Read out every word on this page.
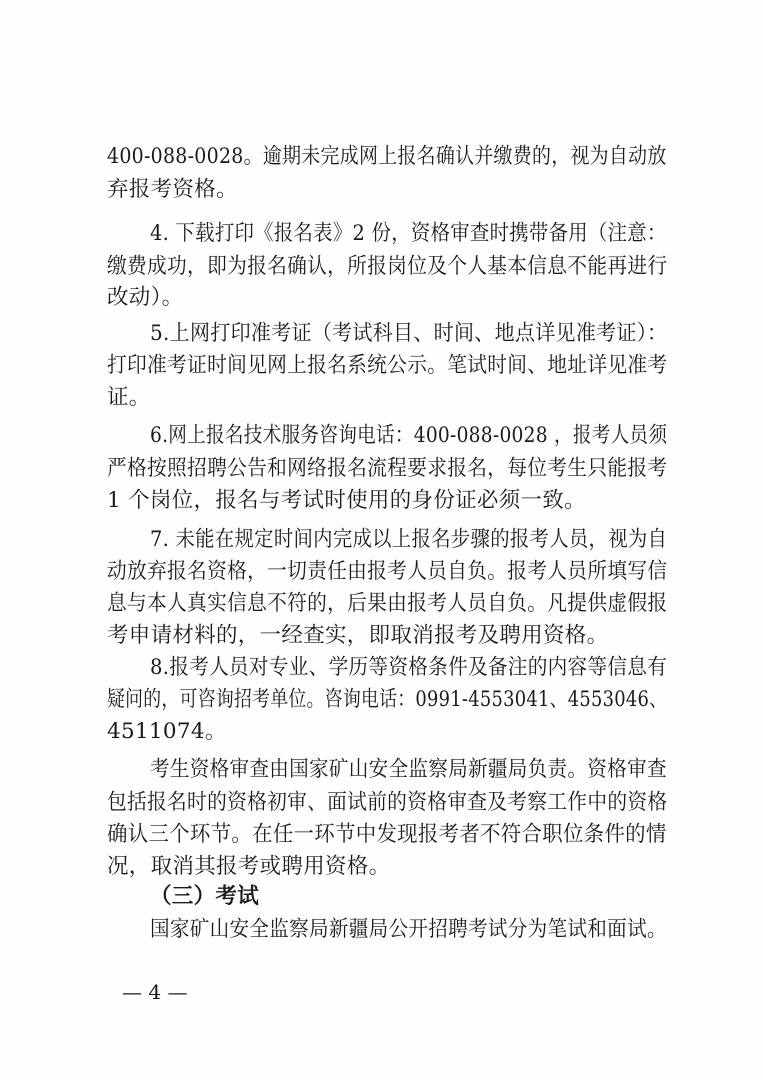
400-088-0028。逾期未完成网上报名确认并缴费的，视为自动放
弃报考资格。
4. 下载打印《报名表》2 份，资格审查时携带备用（注意：
缴费成功，即为报名确认，所报岗位及个人基本信息不能再进行
改动）。
5.上网打印准考证（考试科目、时间、地点详见准考证）：
打印准考证时间见网上报名系统公示。笔试时间、地址详见准考
证。
6.网上报名技术服务咨询电话：400-088-0028 ，报考人员须
严格按照招聘公告和网络报名流程要求报名，每位考生只能报考
1 个岗位，报名与考试时使用的身份证必须一致。
7. 未能在规定时间内完成以上报名步骤的报考人员，视为自
动放弃报名资格，一切责任由报考人员自负。报考人员所填写信
息与本人真实信息不符的，后果由报考人员自负。凡提供虚假报
考申请材料的，一经查实，即取消报考及聘用资格。
8.报考人员对专业、学历等资格条件及备注的内容等信息有
疑问的，可咨询招考单位。咨询电话：0991-4553041、4553046、
4511074。
考生资格审查由国家矿山安全监察局新疆局负责。资格审查
包括报名时的资格初审、面试前的资格审查及考察工作中的资格
确认三个环节。在任一环节中发现报考者不符合职位条件的情
况，取消其报考或聘用资格。
（三）考试
国家矿山安全监察局新疆局公开招聘考试分为笔试和面试。
— 4 —
